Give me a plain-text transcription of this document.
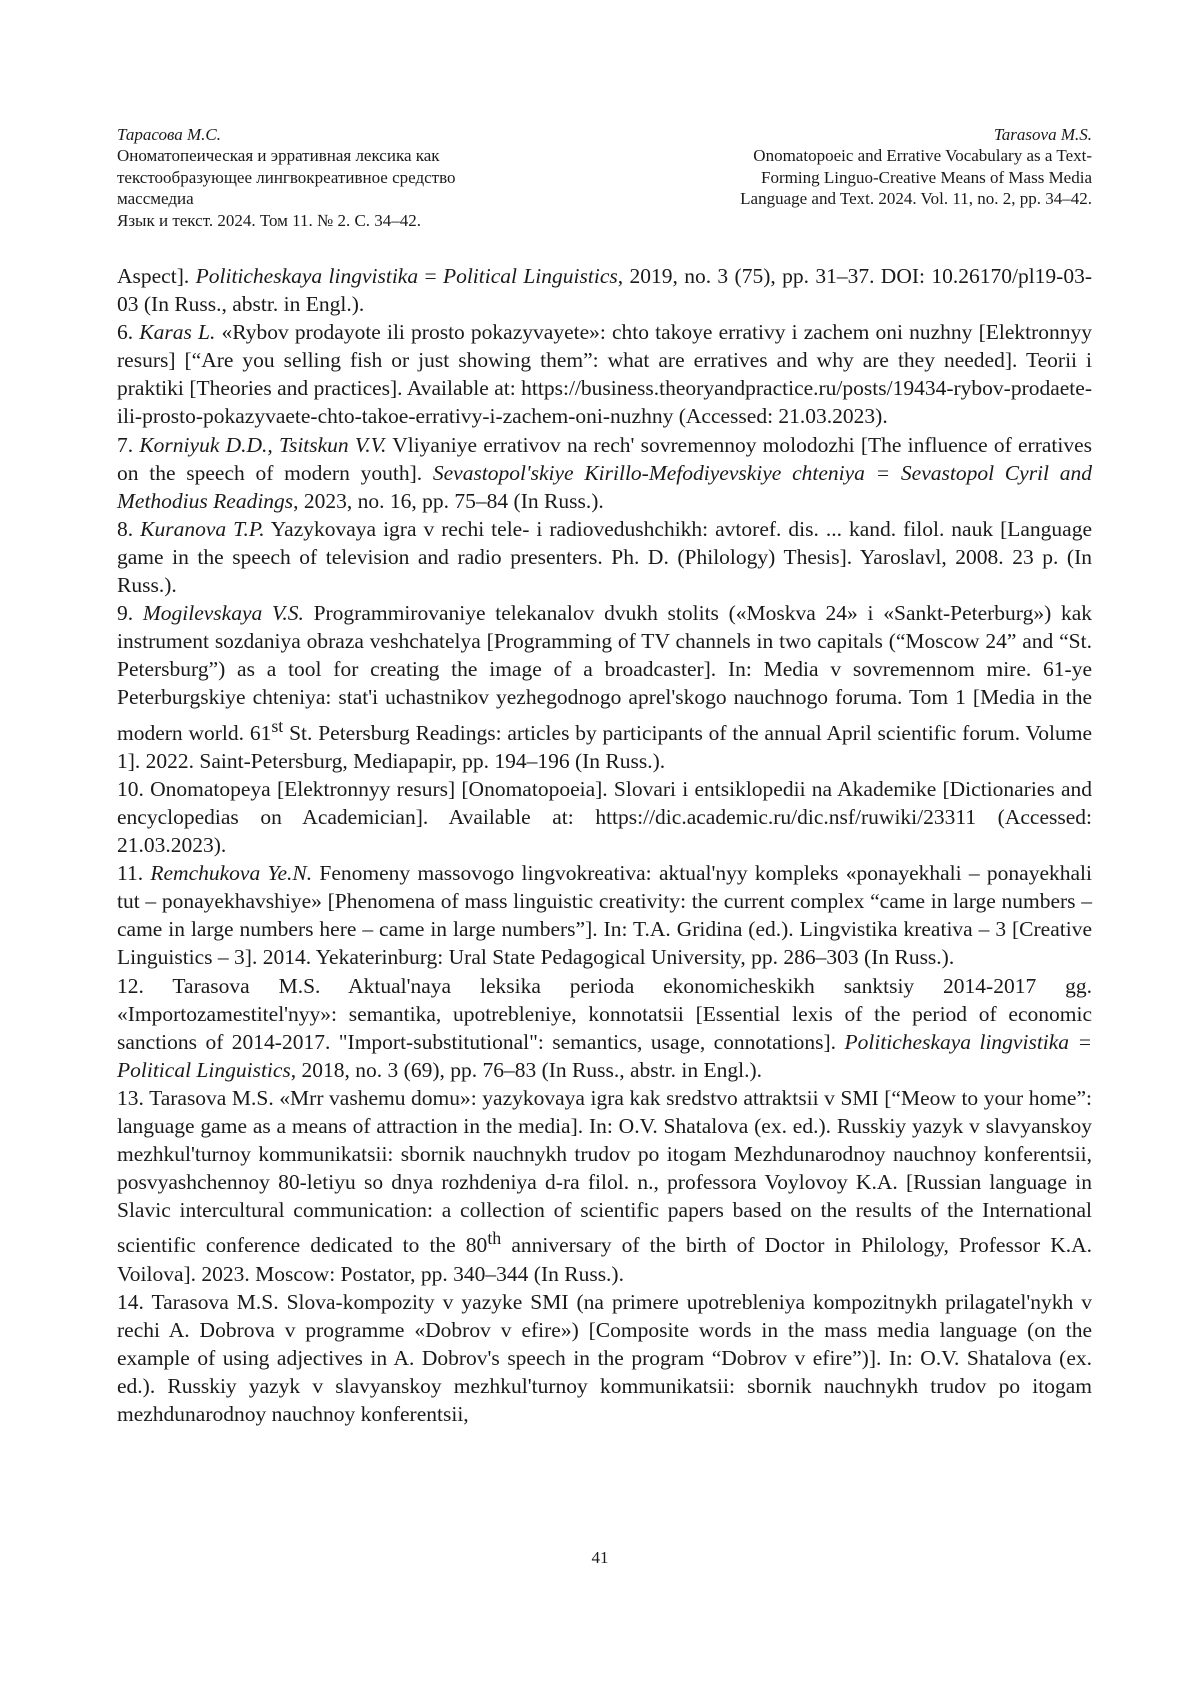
Тарасова М.С.
Ономатопеическая и эрративная лексика как
текстообразующее лингвокреативное средство
массмедиа
Язык и текст. 2024. Том 11. № 2. С. 34–42.
Tarasova M.S.
Onomatopoeic and Errative Vocabulary as a Text-
Forming Linguo-Creative Means of Mass Media
Language and Text. 2024. Vol. 11, no. 2, pp. 34–42.

Aspect]. Politicheskaya lingvistika = Political Linguistics, 2019, no. 3 (75), pp. 31–37. DOI: 10.26170/pl19-03-03 (In Russ., abstr. in Engl.).

6. Karas L. «Rybov prodayote ili prosto pokazyvayete»: chto takoye errativy i zachem oni nuzhny [Elektronnyy resurs] [“Are you selling fish or just showing them”: what are erratives and why are they needed]. Teorii i praktiki [Theories and practices]. Available at: https://business.theoryandpractice.ru/posts/19434-rybov-prodaete-ili-prosto-pokazyvaete-chto-takoe-errativy-i-zachem-oni-nuzhny (Accessed: 21.03.2023).

7. Korniyuk D.D., Tsitskun V.V. Vliyaniye errativov na rech' sovremennoy molodozhi [The influence of erratives on the speech of modern youth]. Sevastopol'skiye Kirillo-Mefodiyevskiye chteniya = Sevastopol Cyril and Methodius Readings, 2023, no. 16, pp. 75–84 (In Russ.).

8. Kuranova T.P. Yazykovaya igra v rechi tele- i radiovedushchikh: avtoref. dis. ... kand. filol. nauk [Language game in the speech of television and radio presenters. Ph. D. (Philology) Thesis]. Yaroslavl, 2008. 23 p. (In Russ.).

9. Mogilevskaya V.S. Programmirovaniye telekanalov dvukh stolits («Moskva 24» i «Sankt-Peterburg») kak instrument sozdaniya obraza veshchatelya [Programming of TV channels in two capitals (“Moscow 24” and “St. Petersburg”) as a tool for creating the image of a broadcaster]. In: Media v sovremennom mire. 61-ye Peterburgskiye chteniya: stat'i uchastnikov yezhegodnogo aprel'skogo nauchnogo foruma. Tom 1 [Media in the modern world. 61st St. Petersburg Readings: articles by participants of the annual April scientific forum. Volume 1]. 2022. Saint-Petersburg, Mediapapir, pp. 194–196 (In Russ.).

10. Onomatopeya [Elektronnyy resurs] [Onomatopoeia]. Slovari i entsiklopedii na Akademike [Dictionaries and encyclopedias on Academician]. Available at: https://dic.academic.ru/dic.nsf/ruwiki/23311 (Accessed: 21.03.2023).

11. Remchukova Ye.N. Fenomeny massovogo lingvokreativa: aktual'nyy kompleks «ponayekhali – ponayekhali tut – ponayekhavshiye» [Phenomena of mass linguistic creativity: the current complex “came in large numbers – came in large numbers here – came in large numbers”]. In: T.A. Gridina (ed.). Lingvistika kreativa – 3 [Creative Linguistics – 3]. 2014. Yekaterinburg: Ural State Pedagogical University, pp. 286–303 (In Russ.).

12. Tarasova M.S. Aktual'naya leksika perioda ekonomicheskikh sanktsiy 2014-2017 gg. «Importozamestitel'nyy»: semantika, upotrebleniye, konnotatsii [Essential lexis of the period of economic sanctions of 2014-2017. "Import-substitutional": semantics, usage, connotations]. Politicheskaya lingvistika = Political Linguistics, 2018, no. 3 (69), pp. 76–83 (In Russ., abstr. in Engl.).

13. Tarasova M.S. «Mrr vashemu domu»: yazykovaya igra kak sredstvo attraktsii v SMI [“Meow to your home”: language game as a means of attraction in the media]. In: O.V. Shatalova (ex. ed.). Russkiy yazyk v slavyanskoy mezhkul'turnoy kommunikatsii: sbornik nauchnykh trudov po itogam Mezhdunarodnoy nauchnoy konferentsii, posvyashchennoy 80-letiyu so dnya rozhdeniya d-ra filol. n., professora Voylovoy K.A. [Russian language in Slavic intercultural communication: a collection of scientific papers based on the results of the International scientific conference dedicated to the 80th anniversary of the birth of Doctor in Philology, Professor K.A. Voilova]. 2023. Moscow: Postator, pp. 340–344 (In Russ.).

14. Tarasova M.S. Slova-kompozity v yazyke SMI (na primere upotrebleniya kompozitnykh prilagatel'nykh v rechi A. Dobrova v programme «Dobrov v efire») [Composite words in the mass media language (on the example of using adjectives in A. Dobrov's speech in the program “Dobrov v efire”)]. In: O.V. Shatalova (ex. ed.). Russkiy yazyk v slavyanskoy mezhkul'turnoy kommunikatsii: sbornik nauchnykh trudov po itogam mezhdunarodnoy nauchnoy konferentsii,

41
